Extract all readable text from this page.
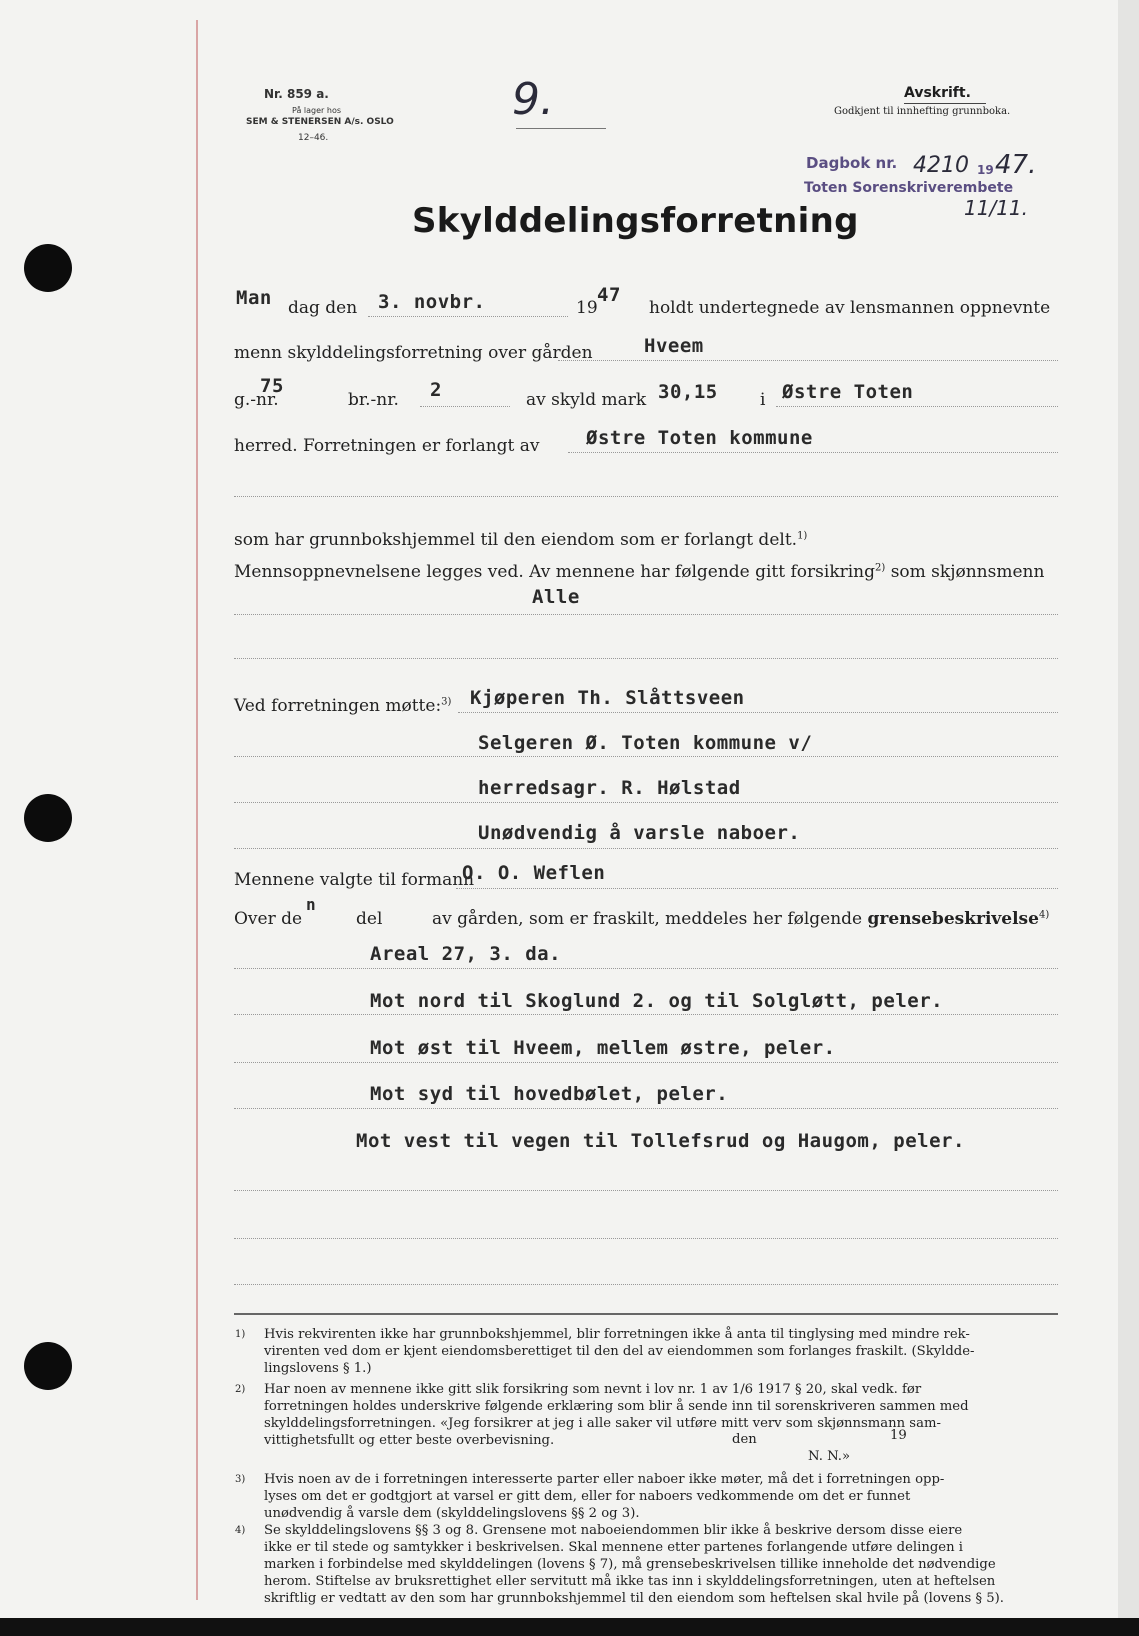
Nr. 859 a.
På lager hos
SEM & STENERSEN A/s. OSLO
12–46.
9.	Avskrift.
Godkjent til innhefting grunnboka.
Dagbok nr. 4210 19 47.
Toten Sorenskriverembete
11/11.
Skylddelingsforretning
Man dag den 3. novbr.	19
47
holdt undertegnede av lensmannen oppnevnte
menn skylddelingsforretning over gården	Hveem
g.-nr.
75
br.-nr. 2	av skyld mark 30,15 i Østre Toten
herred. Forretningen er forlangt av Østre Toten kommune
som har grunnbokshjemmel til den eiendom som er forlangt delt.$^{1)}$
Mennsoppnevnelsene legges ved. Av mennene har følgende gitt forsikring$^{2)}$ som skjønnsmenn
Alle
Ved forretningen møtte:$^{3)}$ Kjøperen Th. Slåttsveen
Selgeren Ø. Toten kommune v/
herredsagr. R. Hølstad
Unødvendig å varsle naboer.
Mennene valgte til formann
O. O. Weflen
Over de
n
del	av gården, som er fraskilt, meddeles her følgende grensebeskrivelse$^{4)}$
Areal 27, 3. da.
Mot nord til Skoglund 2. og til Solgløtt, peler.
Mot øst til Hveem, mellem østre, peler.
Mot syd til hovedbølet, peler.
Mot vest til vegen til Tollefsrud og Haugom, peler.
1) Hvis rekvirenten ikke har grunnbokshjemmel, blir forretningen ikke å anta til tinglysing med mindre rek-

virenten ved dom er kjent eiendomsberettiget til den del av eiendommen som forlanges fraskilt. (Skyldde-

lingslovens § 1.)

2) Har noen av mennene ikke gitt slik forsikring som nevnt i lov nr. 1 av 1/6 1917 § 20, skal vedk. før

forretningen holdes underskrive følgende erklæring som blir å sende inn til sorenskriveren sammen med

skylddelingsforretningen. «Jeg forsikrer at jeg i alle saker vil utføre mitt verv som skjønnsmann sam-

vittighetsfullt og etter beste overbevisning.	den	19
N. N.»
3) Hvis noen av de i forretningen interesserte parter eller naboer ikke møter, må det i forretningen opp-

lyses om det er godtgjort at varsel er gitt dem, eller for naboers vedkommende om det er funnet

unødvendig å varsle dem (skylddelingslovens §§ 2 og 3).

4) Se skylddelingslovens §§ 3 og 8. Grensene mot naboeiendommen blir ikke å beskrive dersom disse eiere

ikke er til stede og samtykker i beskrivelsen. Skal mennene etter partenes forlangende utføre delingen i

marken i forbindelse med skylddelingen (lovens § 7), må grensebeskrivelsen tillike inneholde det nødvendige

herom. Stiftelse av bruksrettighet eller servitutt må ikke tas inn i skylddelingsforretningen, uten at heftelsen

skriftlig er vedtatt av den som har grunnbokshjemmel til den eiendom som heftelsen skal hvile på (lovens § 5).
